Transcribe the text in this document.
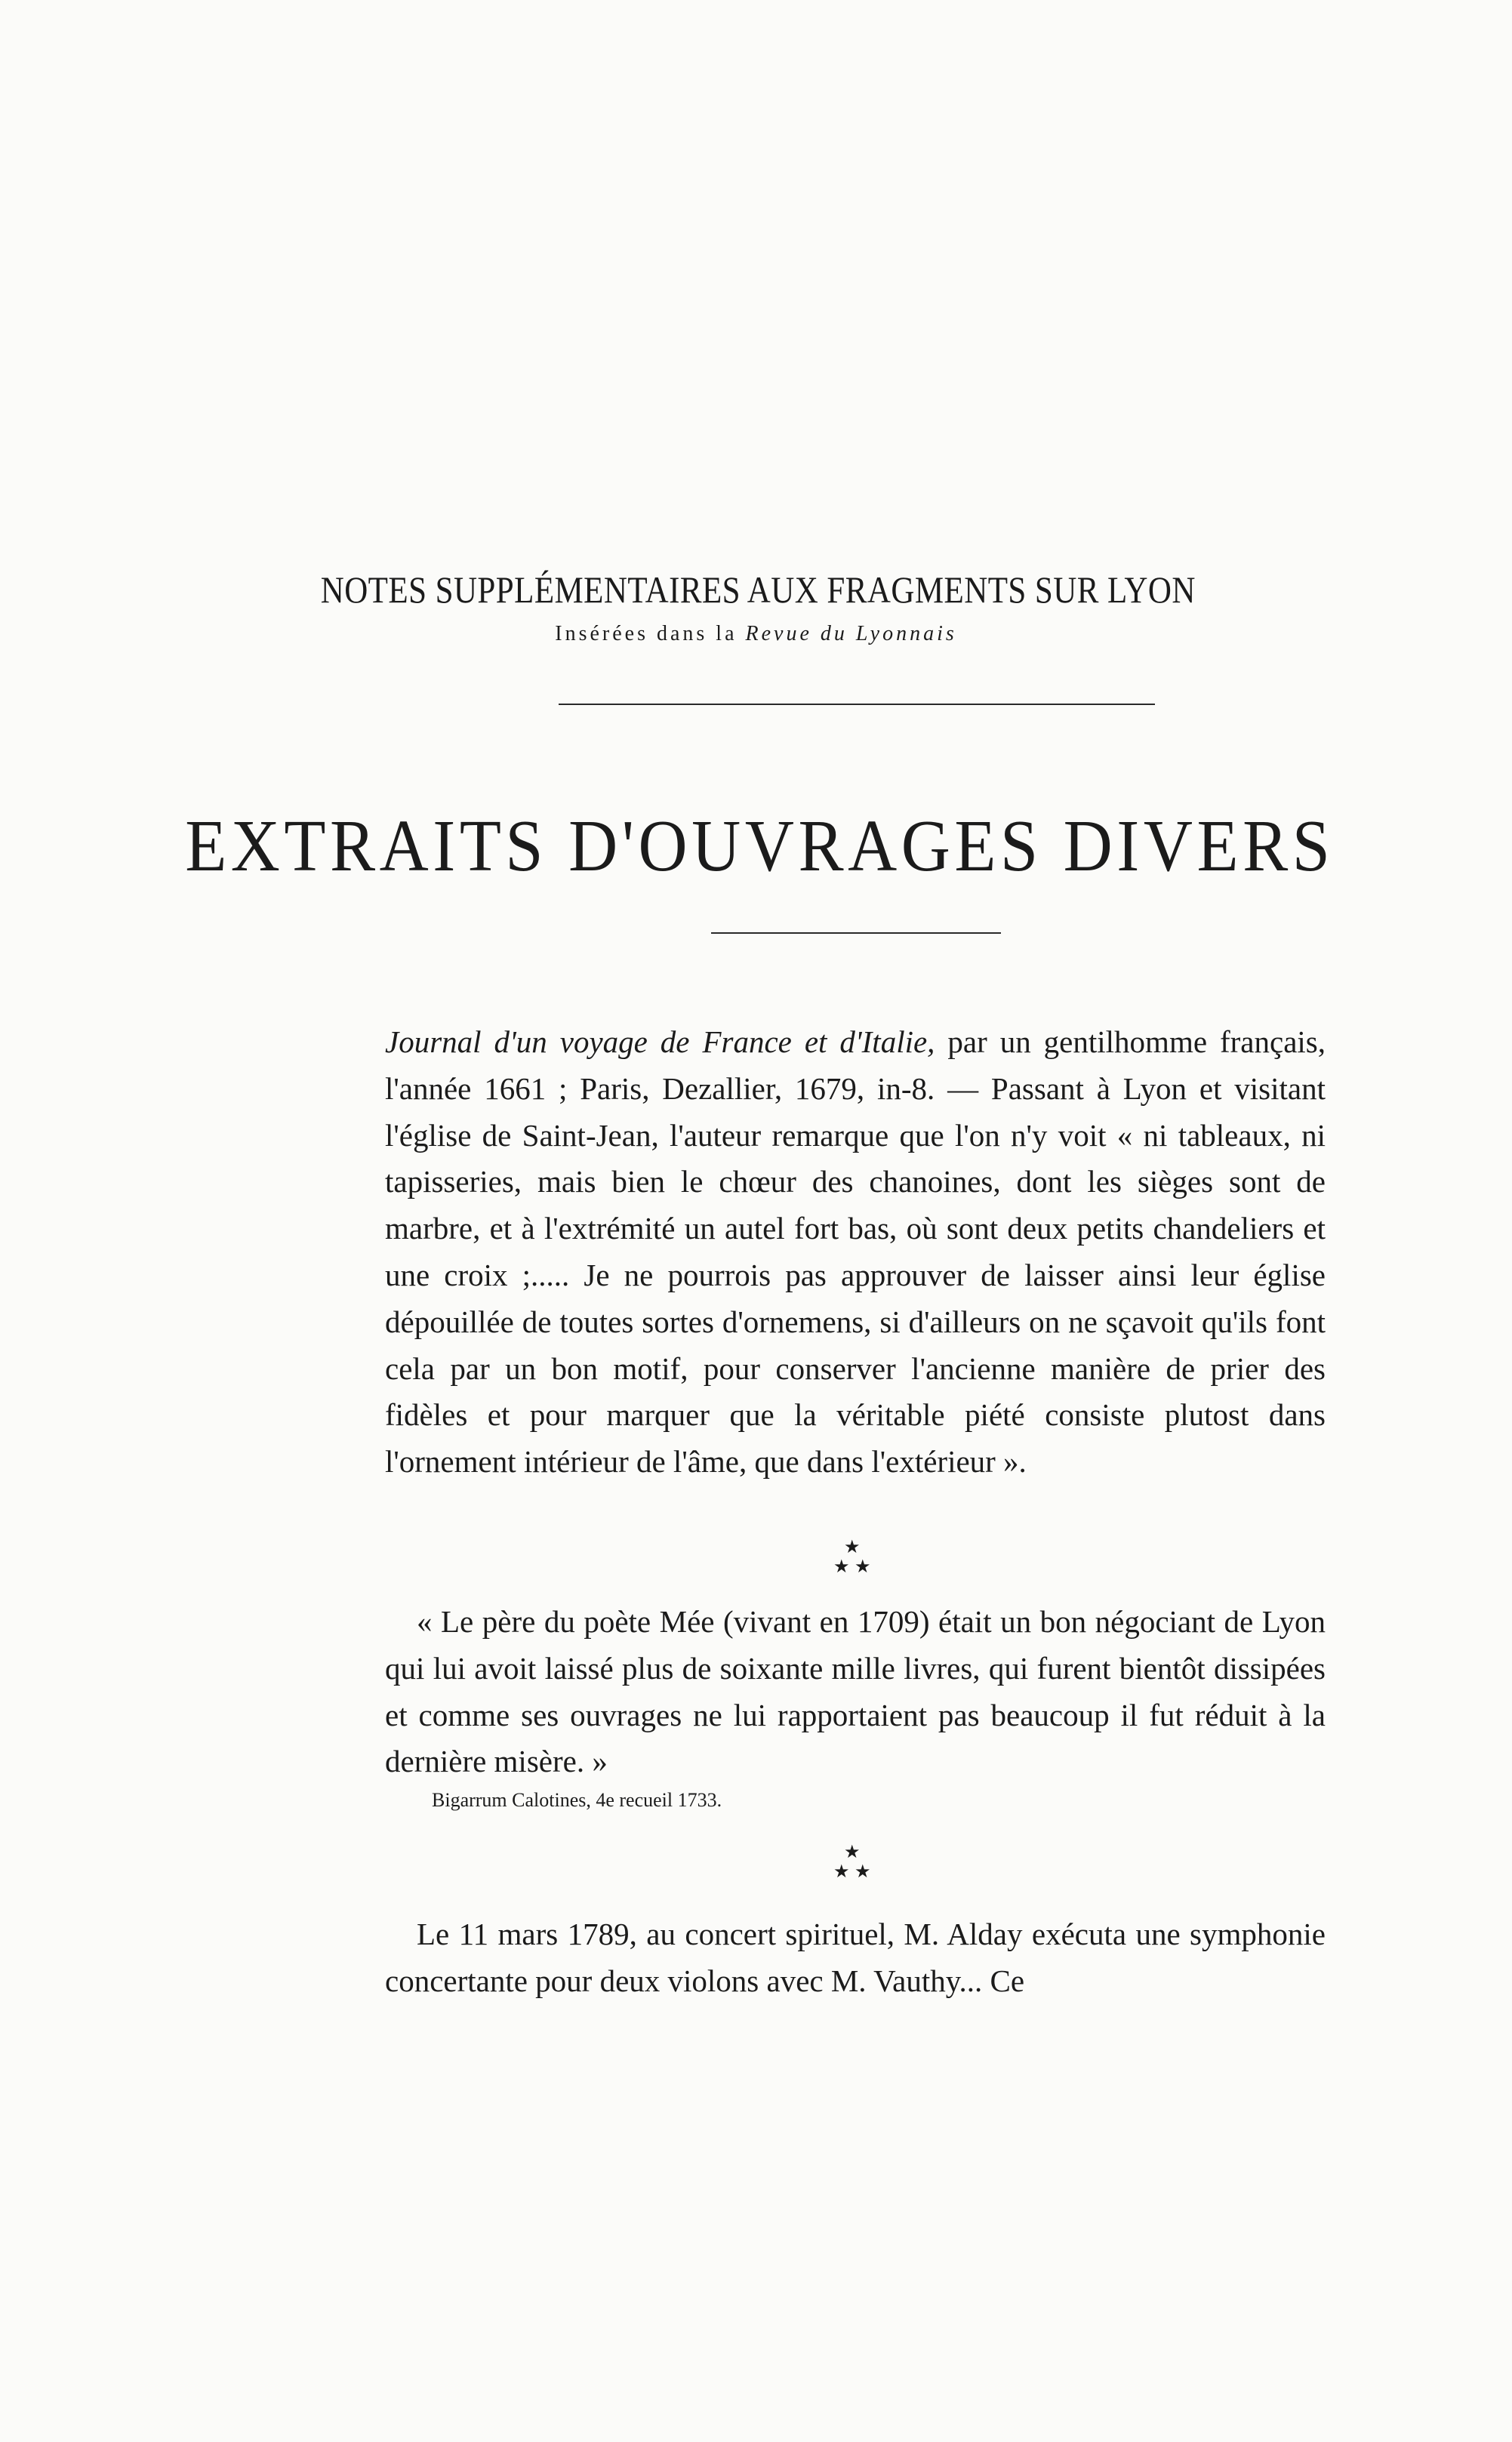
NOTES SUPPLÉMENTAIRES AUX FRAGMENTS SUR LYON
Insérées dans la Revue du Lyonnais
EXTRAITS D'OUVRAGES DIVERS

Journal d'un voyage de France et d'Italie, par un gentilhomme français, l'année 1661 ; Paris, Dezallier, 1679, in-8. — Passant à Lyon et visitant l'église de Saint-Jean, l'auteur remarque que l'on n'y voit « ni tableaux, ni tapisseries, mais bien le chœur des chanoines, dont les sièges sont de marbre, et à l'extrémité un autel fort bas, où sont deux petits chandeliers et une croix ;..... Je ne pourrois pas approuver de laisser ainsi leur église dépouillée de toutes sortes d'ornemens, si d'ailleurs on ne sçavoit qu'ils font cela par un bon motif, pour conserver l'ancienne manière de prier des fidèles et pour marquer que la véritable piété consiste plutost dans l'ornement intérieur de l'âme, que dans l'extérieur ».

★
★ ★

« Le père du poète Mée (vivant en 1709) était un bon négociant de Lyon qui lui avoit laissé plus de soixante mille livres, qui furent bientôt dissipées et comme ses ouvrages ne lui rapportaient pas beaucoup il fut réduit à la dernière misère. »

Bigarrum Calotines, 4e recueil 1733.
★
★ ★

Le 11 mars 1789, au concert spirituel, M. Alday exécuta une symphonie concertante pour deux violons avec M. Vauthy... Ce
